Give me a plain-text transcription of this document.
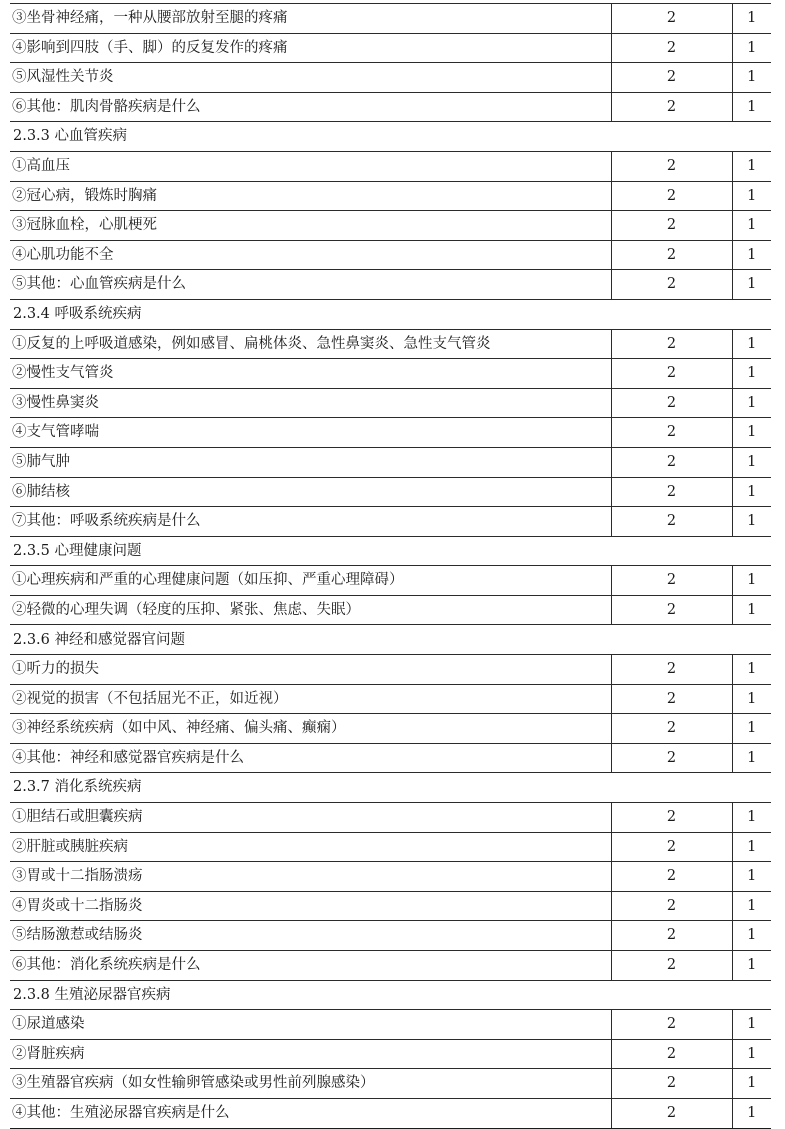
③坐骨神经痛，一种从腰部放射至腿的疼痛	2	1
④影响到四肢（手、脚）的反复发作的疼痛	2	1
⑤风湿性关节炎	2	1
⑥其他：肌肉骨骼疾病是什么	2	1
2.3.3 心血管疾病		
①高血压	2	1
②冠心病，锻炼时胸痛	2	1
③冠脉血栓，心肌梗死	2	1
④心肌功能不全	2	1
⑤其他：心血管疾病是什么	2	1
2.3.4 呼吸系统疾病		
①反复的上呼吸道感染，例如感冒、扁桃体炎、急性鼻窦炎、急性支气管炎	2	1
②慢性支气管炎	2	1
③慢性鼻窦炎	2	1
④支气管哮喘	2	1
⑤肺气肿	2	1
⑥肺结核	2	1
⑦其他：呼吸系统疾病是什么	2	1
2.3.5 心理健康问题		
①心理疾病和严重的心理健康问题（如压抑、严重心理障碍）	2	1
②轻微的心理失调（轻度的压抑、紧张、焦虑、失眠）	2	1
2.3.6 神经和感觉器官问题		
①听力的损失	2	1
②视觉的损害（不包括屈光不正，如近视）	2	1
③神经系统疾病（如中风、神经痛、偏头痛、癫痫）	2	1
④其他：神经和感觉器官疾病是什么	2	1
2.3.7 消化系统疾病		
①胆结石或胆囊疾病	2	1
②肝脏或胰脏疾病	2	1
③胃或十二指肠溃疡	2	1
④胃炎或十二指肠炎	2	1
⑤结肠激惹或结肠炎	2	1
⑥其他：消化系统疾病是什么	2	1
2.3.8 生殖泌尿器官疾病		
①尿道感染	2	1
②肾脏疾病	2	1
③生殖器官疾病（如女性输卵管感染或男性前列腺感染）	2	1
④其他：生殖泌尿器官疾病是什么	2	1
